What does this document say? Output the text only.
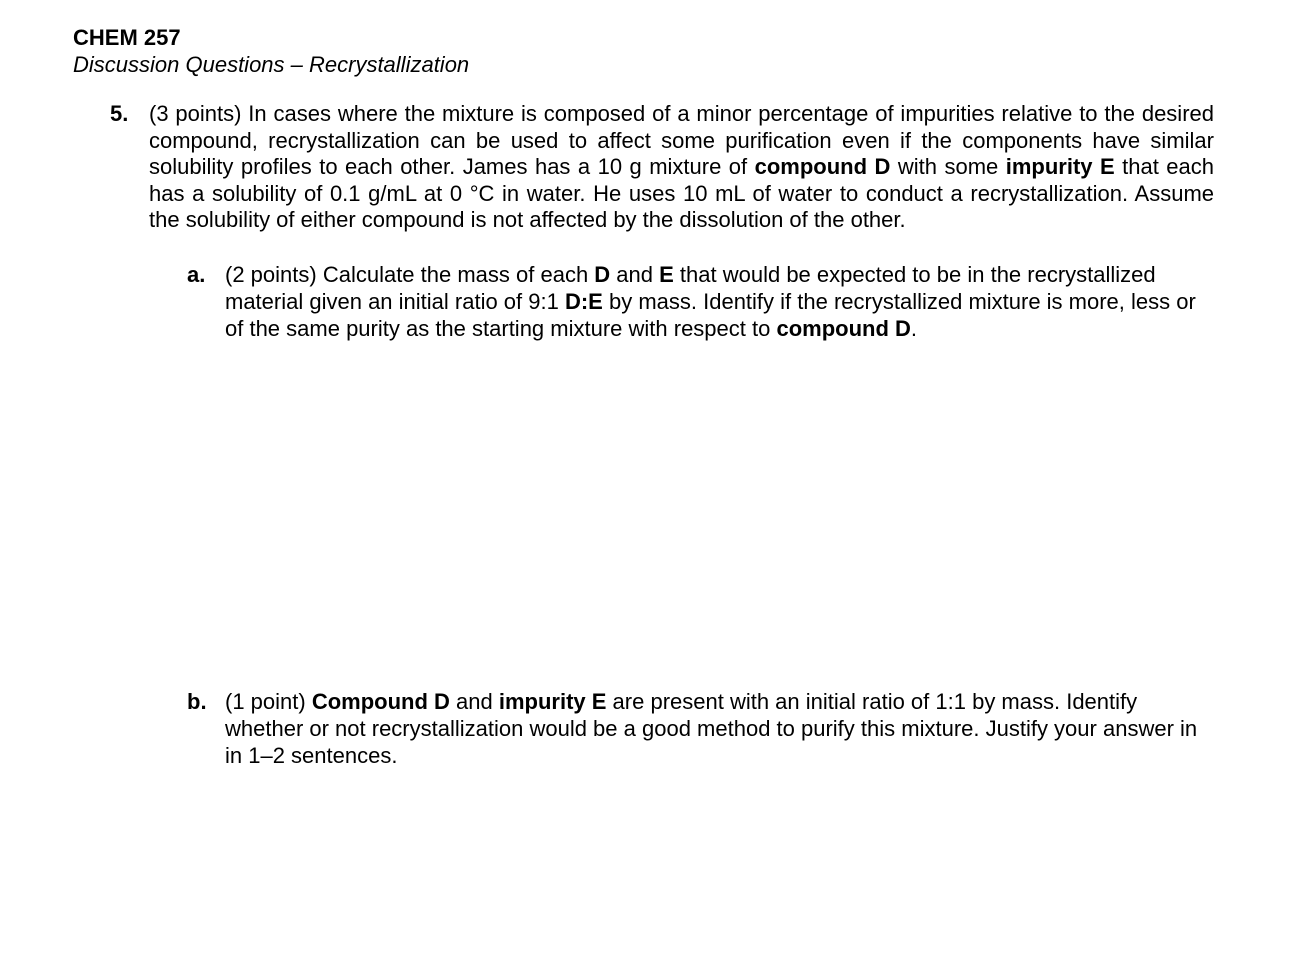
CHEM 257
Discussion Questions – Recrystallization
5. (3 points) In cases where the mixture is composed of a minor percentage of impurities relative to the desired compound, recrystallization can be used to affect some purification even if the components have similar solubility profiles to each other. James has a 10 g mixture of compound D with some impurity E that each has a solubility of 0.1 g/mL at 0 °C in water. He uses 10 mL of water to conduct a recrystallization. Assume the solubility of either compound is not affected by the dissolution of the other.
a. (2 points) Calculate the mass of each D and E that would be expected to be in the recrystallized material given an initial ratio of 9:1 D:E by mass. Identify if the recrystallized mixture is more, less or of the same purity as the starting mixture with respect to compound D.
b. (1 point) Compound D and impurity E are present with an initial ratio of 1:1 by mass. Identify whether or not recrystallization would be a good method to purify this mixture. Justify your answer in in 1–2 sentences.
